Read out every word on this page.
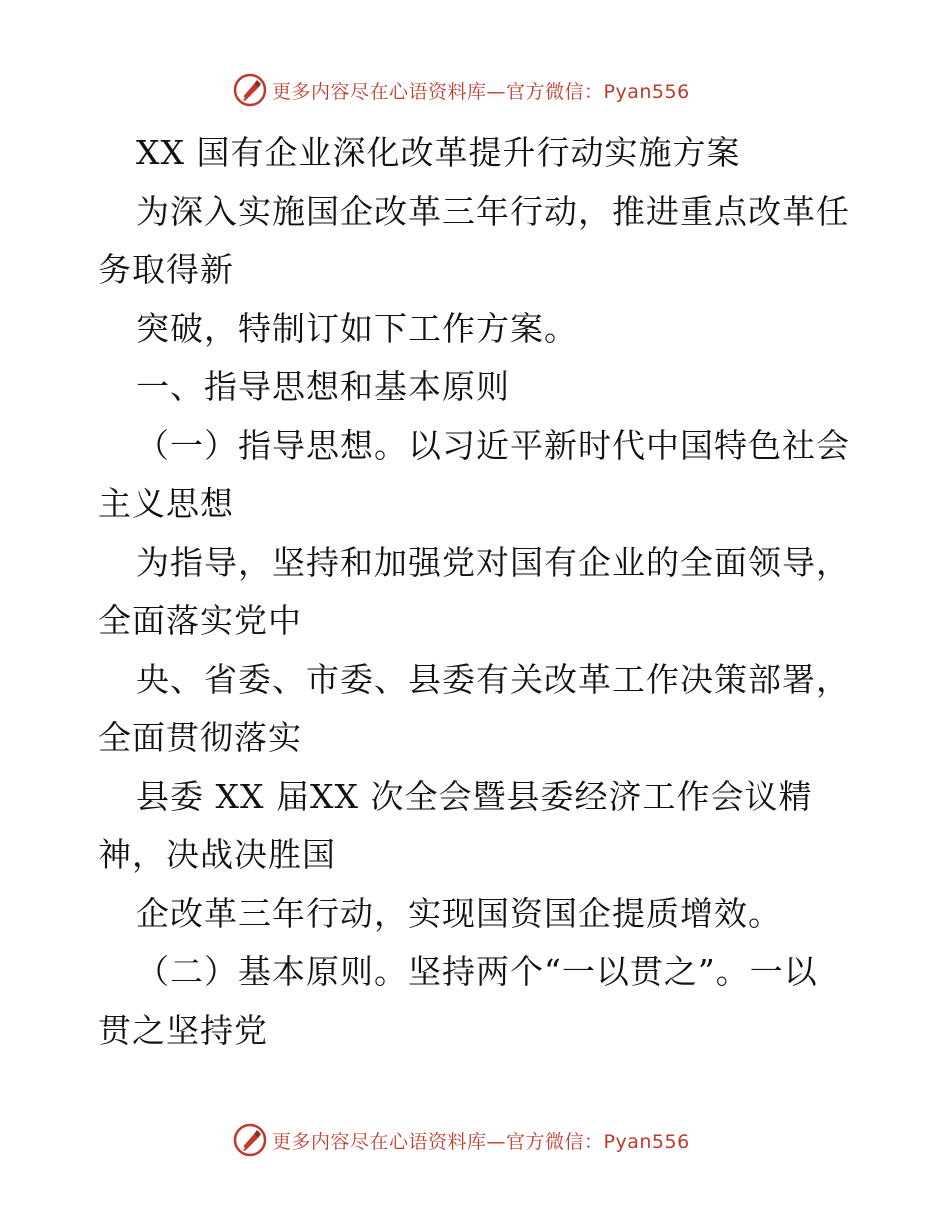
更多内容尽在心语资料库—官方微信：Pyan556

XX 国有企业深化改革提升行动实施方案

为深入实施国企改革三年行动，推进重点改革任

务取得新

突破，特制订如下工作方案。

一、指导思想和基本原则

（一）指导思想。以习近平新时代中国特色社会

主义思想

为指导，坚持和加强党对国有企业的全面领导，

全面落实党中

央、省委、市委、县委有关改革工作决策部署，

全面贯彻落实

县委 XX 届XX 次全会暨县委经济工作会议精

神，决战决胜国

企改革三年行动，实现国资国企提质增效。

（二）基本原则。坚持两个“一以贯之”。一以

贯之坚持党

更多内容尽在心语资料库—官方微信：Pyan556
